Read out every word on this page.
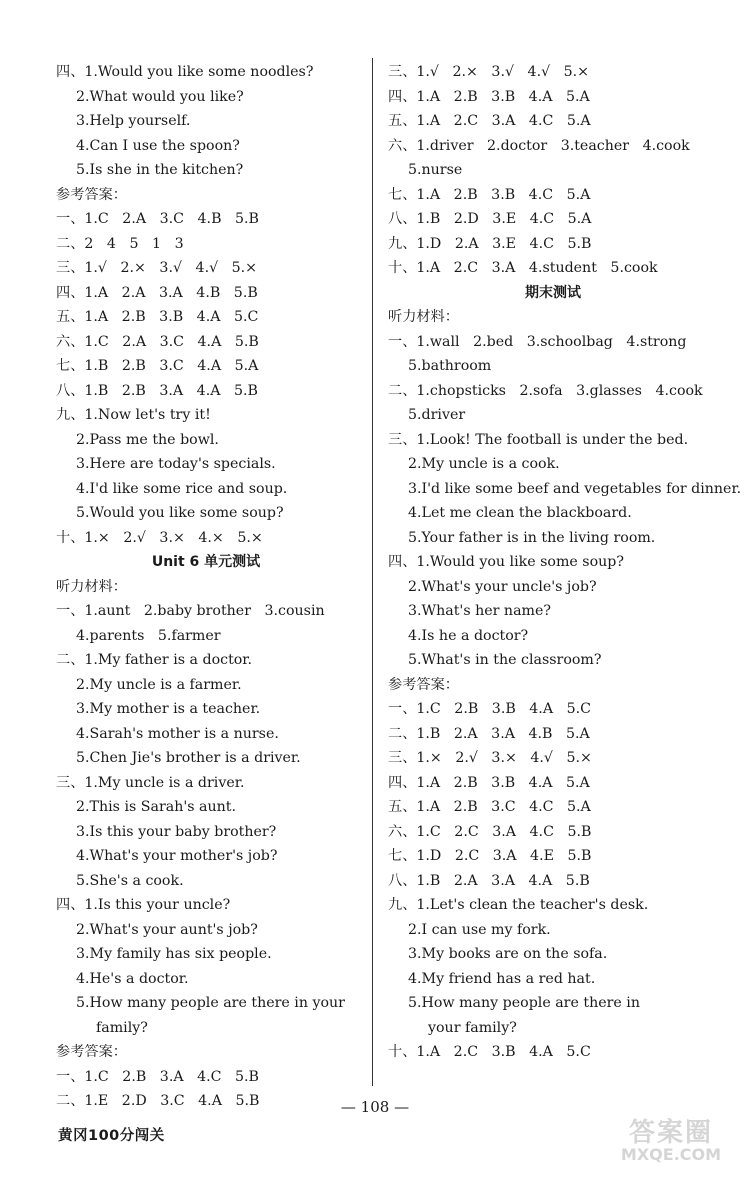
四、1.Would you like some noodles?
2.What would you like?
3.Help yourself.
4.Can I use the spoon?
5.Is she in the kitchen?
参考答案：
一、1.C   2.A   3.C   4.B   5.B
二、2   4   5   1   3
三、1.√   2.×   3.√   4.√   5.×
四、1.A   2.A   3.A   4.B   5.B
五、1.A   2.B   3.B   4.A   5.C
六、1.C   2.A   3.C   4.A   5.B
七、1.B   2.B   3.C   4.A   5.A
八、1.B   2.B   3.A   4.A   5.B
九、1.Now let's try it!
2.Pass me the bowl.
3.Here are today's specials.
4.I'd like some rice and soup.
5.Would you like some soup?
十、1.×   2.√   3.×   4.×   5.×
Unit 6 单元测试
听力材料：
一、1.aunt   2.baby brother   3.cousin
4.parents   5.farmer
二、1.My father is a doctor.
2.My uncle is a farmer.
3.My mother is a teacher.
4.Sarah's mother is a nurse.
5.Chen Jie's brother is a driver.
三、1.My uncle is a driver.
2.This is Sarah's aunt.
3.Is this your baby brother?
4.What's your mother's job?
5.She's a cook.
四、1.Is this your uncle?
2.What's your aunt's job?
3.My family has six people.
4.He's a doctor.
5.How many people are there in your
family?
参考答案：
一、1.C   2.B   3.A   4.C   5.B
二、1.E   2.D   3.C   4.A   5.B
三、1.√   2.×   3.√   4.√   5.×
四、1.A   2.B   3.B   4.A   5.A
五、1.A   2.C   3.A   4.C   5.A
六、1.driver   2.doctor   3.teacher   4.cook
5.nurse
七、1.A   2.B   3.B   4.C   5.A
八、1.B   2.D   3.E   4.C   5.A
九、1.D   2.A   3.E   4.C   5.B
十、1.A   2.C   3.A   4.student   5.cook
期末测试
听力材料：
一、1.wall   2.bed   3.schoolbag   4.strong
5.bathroom
二、1.chopsticks   2.sofa   3.glasses   4.cook
5.driver
三、1.Look! The football is under the bed.
2.My uncle is a cook.
3.I'd like some beef and vegetables for dinner.
4.Let me clean the blackboard.
5.Your father is in the living room.
四、1.Would you like some soup?
2.What's your uncle's job?
3.What's her name?
4.Is he a doctor?
5.What's in the classroom?
参考答案：
一、1.C   2.B   3.B   4.A   5.C
二、1.B   2.A   3.A   4.B   5.A
三、1.×   2.√   3.×   4.√   5.×
四、1.A   2.B   3.B   4.A   5.A
五、1.A   2.B   3.C   4.C   5.A
六、1.C   2.C   3.A   4.C   5.B
七、1.D   2.C   3.A   4.E   5.B
八、1.B   2.A   3.A   4.A   5.B
九、1.Let's clean the teacher's desk.
2.I can use my fork.
3.My books are on the sofa.
4.My friend has a red hat.
5.How many people are there in
your family?
十、1.A   2.C   3.B   4.A   5.C
— 108 —
黄冈100分闯关	答案圈
MXQE.COM
